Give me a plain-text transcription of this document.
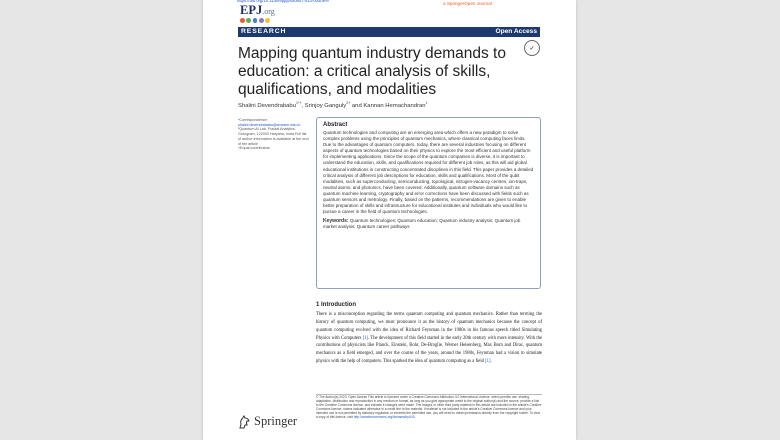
https://doi.org/10.1140/epjqt/s40507-023-00409-6
a SpringerOpen Journal
EPJ.org
RESEARCH	Open Access
✓
Mapping quantum industry demands to education: a critical analysis of skills, qualifications, and modalities
Shalini Devendrababu$^{1*\dagger}$, Srinjoy Ganguly$^{2\dagger}$ and Kannan Hemachandran$^1$
*Correspondence:
shalini.devendrababu@woxsen.edu.in
²Quantum AI Lab, Fractal Analytics, Gurugram, 122003 Haryana, India Full list of author information is available at the end of the article
†Equal contributors
Abstract
Quantum technologies and computing are an emerging area which offers a new paradigm to solve complex problems using the principles of quantum mechanics, where classical computing faces limits. Due to the advantages of quantum computers, today, there are several industries focusing on different aspects of quantum technologies based on their physics to explore the most efficient and useful platform for implementing applications. Since the scope of the quantum companies is diverse, it is important to understand the education, skills, and qualifications required for different job roles, as this will aid global educational institutions in constructing concentrated disciplines in this field. This paper provides a detailed critical analysis of different job descriptions for education, skills and qualifications. Most of the qubit modalities, such as superconducting, semiconducting, topological, nitrogen-vacancy centres, ion-traps, neutral atoms, and photonics, have been covered. Additionally, quantum software domains such as quantum machine learning, cryptography and error corrections have been discussed with fields such as quantum sensors and metrology. Finally, based on the patterns, recommendations are given to enable better preparation of skills and infrastructure for educational institutes and individuals who would like to pursue a career in the field of quantum technologies.
Keywords: Quantum technologies; Quantum education; Quantum industry analysis; Quantum job market analysis; Quantum career pathways
1 Introduction
There is a misconception regarding the terms quantum computing and quantum mechanics. Rather than terming the history of quantum computing, we must pronounce it as the history of quantum mechanics because the concept of quantum computing evolved with the idea of Richard Feynman in the 1980s in his famous speech titled Simulating Physics with Computers [1]. The development of this field started in the early 20th century with more intensity. With the contributions of physicists like Planck, Einstein, Bohr, De-Broglie, Werner Heisenberg, Max Born and Dirac, quantum mechanics as a field emerged, and over the course of the years, around the 1980s, Feynman had a vision to simulate physics with the help of computers. This sparked the idea of quantum computing as a field [1].
© The Author(s) 2023. Open Access This article is licensed under a Creative Commons Attribution 4.0 International License, which permits use, sharing, adaptation, distribution and reproduction in any medium or format, as long as you give appropriate credit to the original author(s) and the source, provide a link to the Creative Commons licence, and indicate if changes were made. The images or other third party material in this article are included in the article's Creative Commons licence, unless indicated otherwise in a credit line to the material. If material is not included in the article's Creative Commons licence and your intended use is not permitted by statutory regulation or exceeds the permitted use, you will need to obtain permission directly from the copyright holder. To view a copy of this licence, visit http://creativecommons.org/licenses/by/4.0/.
Springer
